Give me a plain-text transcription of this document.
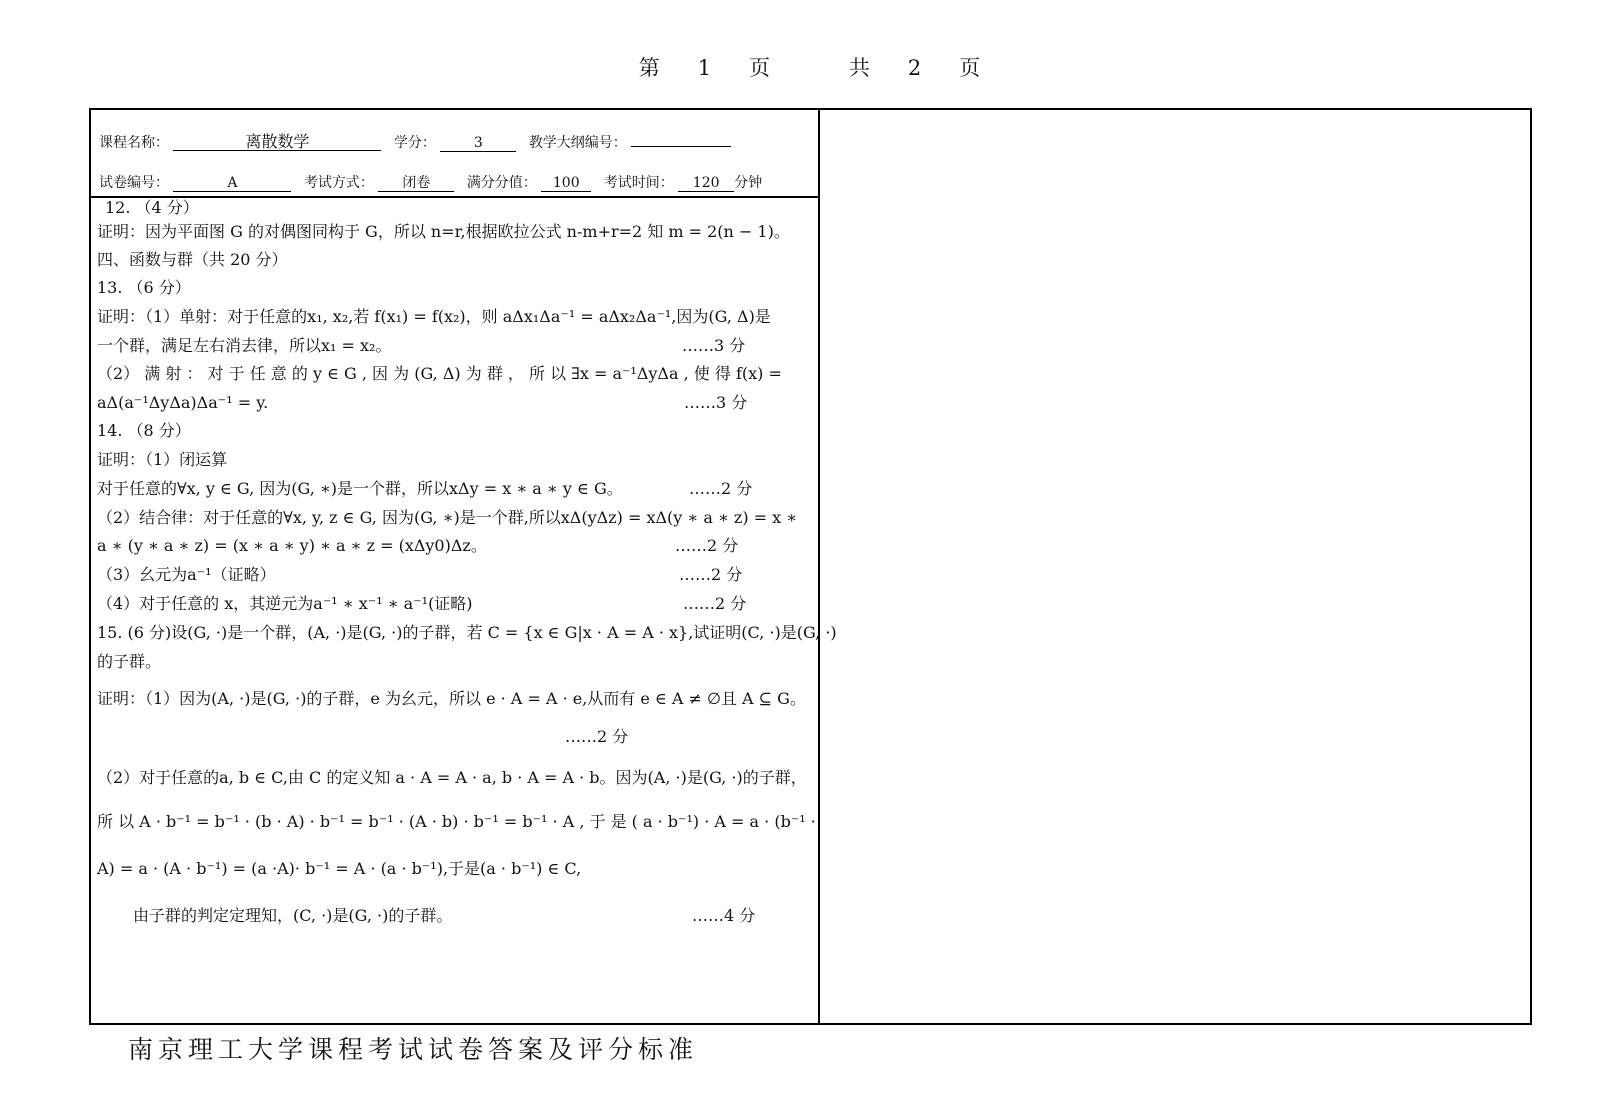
第 1 页	共 2 页
课程名称：	离散数学	学分：	3	教学大纲编号：
试卷编号：	A	考试方式： 闭卷	满分分值： 100 考试时间： 120 分钟
12. （4 分）
证明：因为平面图 G 的对偶图同构于 G，所以 n=r,根据欧拉公式 n-m+r=2 知 m = 2(n − 1)。
四、函数与群（共 20 分）
13. （6 分）
证明：（1）单射：对于任意的x₁, x₂,若 f(x₁) = f(x₂)，则 aΔx₁Δa⁻¹ = aΔx₂Δa⁻¹,因为(G, Δ)是
一个群，满足左右消去律，所以x₁ = x₂。	……3 分
（2） 满 射 ： 对 于 任 意 的 y ∈ G , 因 为 (G, Δ) 为 群 ， 所 以 ∃x = a⁻¹ΔyΔa , 使 得 f(x) =
aΔ(a⁻¹ΔyΔa)Δa⁻¹ = y.	……3 分
14. （8 分）
证明：（1）闭运算
对于任意的∀x, y ∈ G, 因为(G, ∗)是一个群，所以xΔy = x ∗ a ∗ y ∈ G。	……2 分
（2）结合律：对于任意的∀x, y, z ∈ G, 因为(G, ∗)是一个群,所以xΔ(yΔz) = xΔ(y ∗ a ∗ z) = x ∗
a ∗ (y ∗ a ∗ z) = (x ∗ a ∗ y) ∗ a ∗ z = (xΔy0)Δz。	……2 分
（3）幺元为a⁻¹（证略）	……2 分
（4）对于任意的 x，其逆元为a⁻¹ ∗ x⁻¹ ∗ a⁻¹(证略)	……2 分
15. (6 分)设(G, ·)是一个群，(A, ·)是(G, ·)的子群，若 C = {x ∈ G|x · A = A · x},试证明(C, ·)是(G, ·)
的子群。
证明：（1）因为(A, ·)是(G, ·)的子群，e 为幺元，所以 e · A = A · e,从而有 e ∈ A ≠ ∅且 A ⊆ G。
……2 分
（2）对于任意的a, b ∈ C,由 C 的定义知 a · A = A · a, b · A = A · b。因为(A, ·)是(G, ·)的子群，
所 以 A · b⁻¹ = b⁻¹ · (b · A) · b⁻¹ = b⁻¹ · (A · b) · b⁻¹ = b⁻¹ · A , 于 是 ( a · b⁻¹) · A = a · (b⁻¹ ·
A) = a · (A · b⁻¹) = (a ·A)· b⁻¹ = A · (a · b⁻¹),于是(a · b⁻¹) ∈ C,
由子群的判定定理知，(C, ·)是(G, ·)的子群。	……4 分
南京理工大学课程考试试卷答案及评分标准
